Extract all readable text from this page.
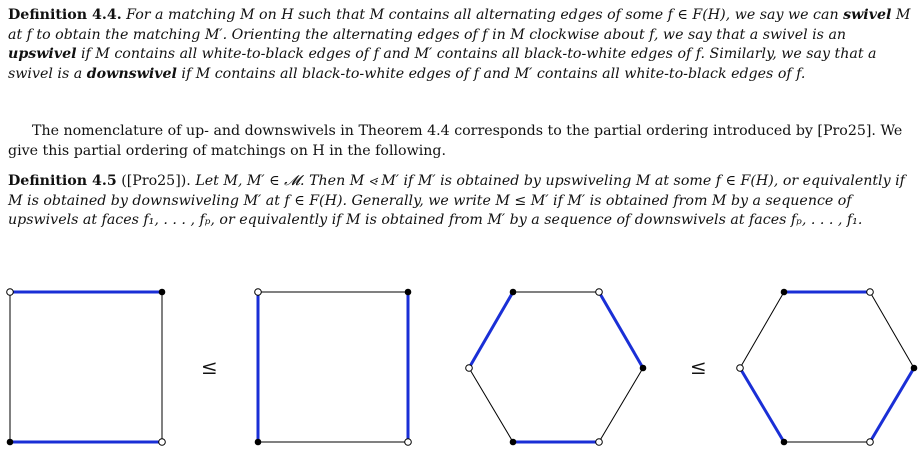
Definition 4.4. For a matching M on H such that M contains all alternating edges of some f ∈ F(H), we say we can swivel M at f to obtain the matching M′. Orienting the alternating edges of f in M clockwise about f, we say that a swivel is an upswivel if M contains all white-to-black edges of f and M′ contains all black-to-white edges of f. Similarly, we say that a swivel is a downswivel if M contains all black-to-white edges of f and M′ contains all white-to-black edges of f.
The nomenclature of up- and downswivels in Theorem 4.4 corresponds to the partial ordering introduced by [Pro25]. We give this partial ordering of matchings on H in the following.
Definition 4.5 ([Pro25]). Let M, M′ ∈ 𝓜. Then M ⋖ M′ if M′ is obtained by upswiveling M at some f ∈ F(H), or equivalently if M is obtained by downswiveling M′ at f ∈ F(H). Generally, we write M ≤ M′ if M′ is obtained from M by a sequence of upswivels at faces f₁, . . . , fₚ, or equivalently if M is obtained from M′ by a sequence of downswivels at faces fₚ, . . . , f₁.
≤	≤
